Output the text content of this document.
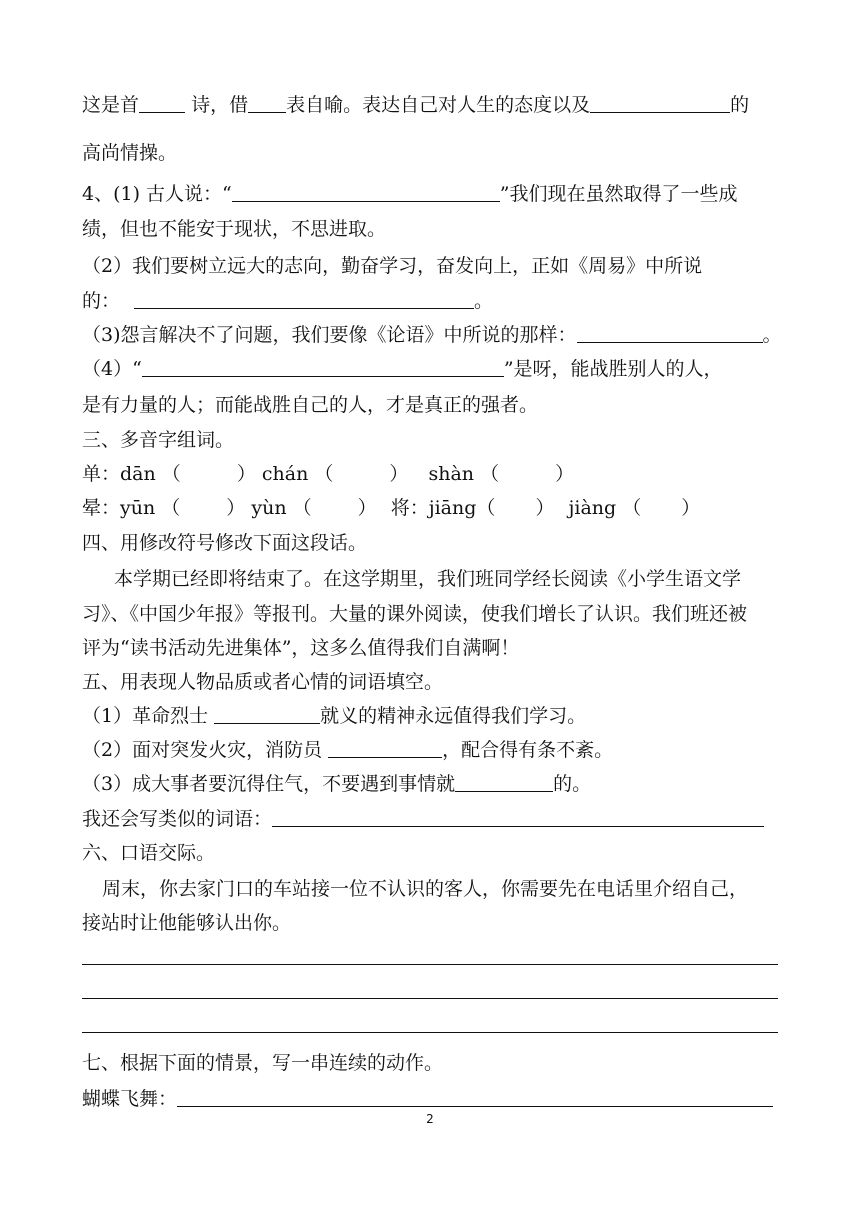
这是首	诗，借 表自喻。表达自己对人生的态度以及	的
高尚情操。
4、(1) 古人说：“	”我们现在虽然取得了一些成
绩，但也不能安于现状，不思进取。
（2）我们要树立远大的志向，勤奋学习，奋发向上，正如《周易》中所说
的：	。
（3)怨言解决不了问题，我们要像《论语》中所说的那样：	。
（4）“	”是呀，能战胜别人的人，
是有力量的人；而能战胜自己的人，才是真正的强者。
三、多音字组词。
单：dān （	） chán （	） shàn （	）
晕：yūn （ ） yùn （ ） 将：jiāng（ ） jiàng （ ）
四、用修改符号修改下面这段话。
本学期已经即将结束了。在这学期里，我们班同学经长阅读《小学生语文学
习》、《中国少年报》等报刊。大量的课外阅读，使我们增长了认识。我们班还被
评为“读书活动先进集体”，这多么值得我们自满啊！
五、用表现人物品质或者心情的词语填空。
（1）革命烈士	就义的精神永远值得我们学习。
（2）面对突发火灾，消防员	，配合得有条不紊。
（3）成大事者要沉得住气，不要遇到事情就	的。
我还会写类似的词语：
六、口语交际。
周末，你去家门口的车站接一位不认识的客人，你需要先在电话里介绍自己，
接站时让他能够认出你。
七、根据下面的情景，写一串连续的动作。
蝴蝶飞舞：
2
